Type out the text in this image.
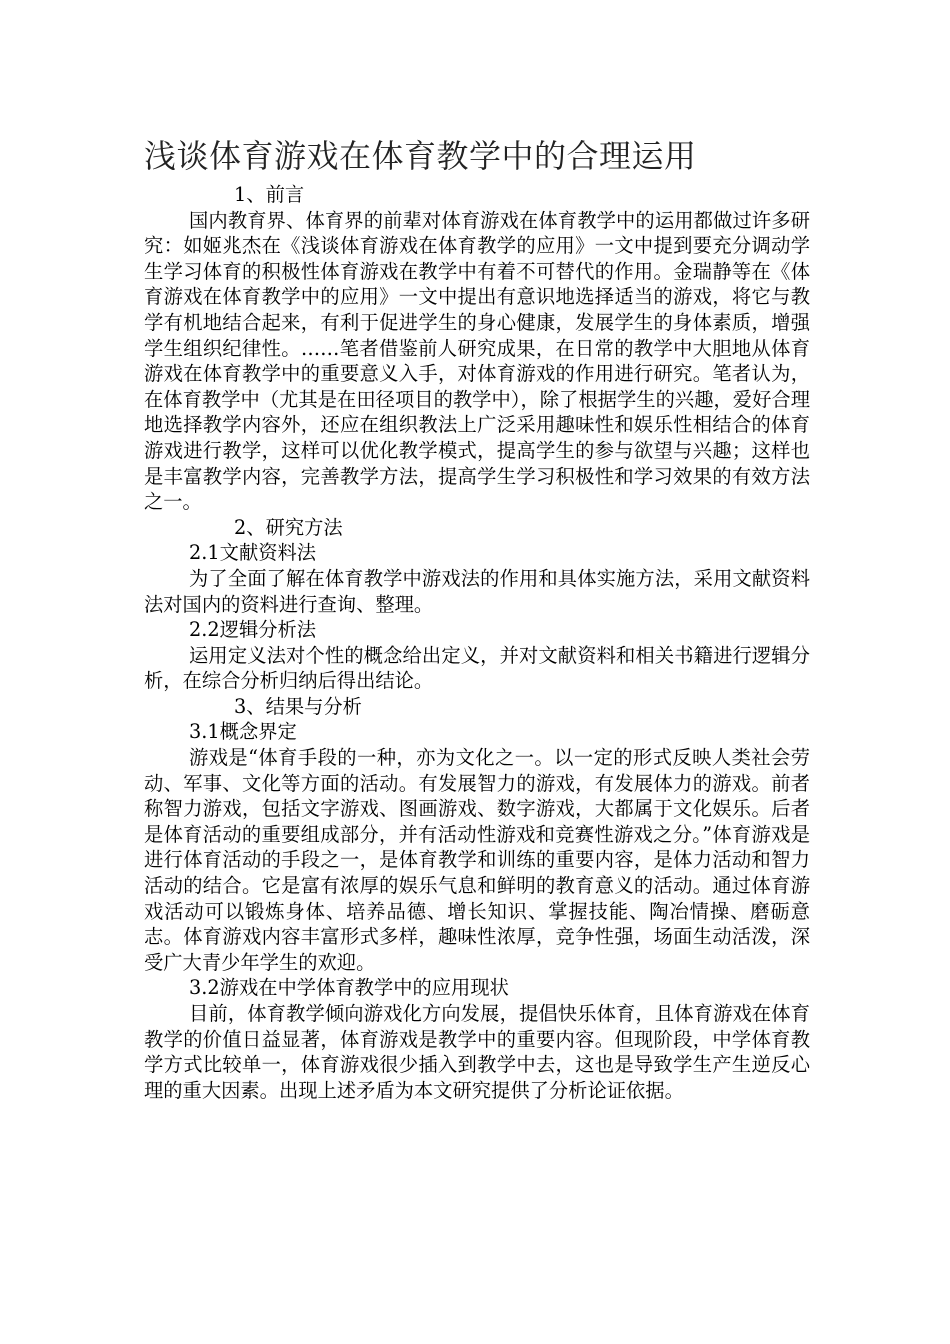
浅谈体育游戏在体育教学中的合理运用

1、前言

国内教育界、体育界的前辈对体育游戏在体育教学中的运用都做过许多研究：如姬兆杰在《浅谈体育游戏在体育教学的应用》一文中提到要充分调动学生学习体育的积极性体育游戏在教学中有着不可替代的作用。金瑞静等在《体育游戏在体育教学中的应用》一文中提出有意识地选择适当的游戏，将它与教学有机地结合起来，有利于促进学生的身心健康，发展学生的身体素质，增强学生组织纪律性。……笔者借鉴前人研究成果，在日常的教学中大胆地从体育游戏在体育教学中的重要意义入手，对体育游戏的作用进行研究。笔者认为，在体育教学中（尤其是在田径项目的教学中），除了根据学生的兴趣，爱好合理地选择教学内容外，还应在组织教法上广泛采用趣味性和娱乐性相结合的体育游戏进行教学，这样可以优化教学模式，提高学生的参与欲望与兴趣；这样也是丰富教学内容，完善教学方法，提高学生学习积极性和学习效果的有效方法之一。

2、研究方法

2.1文献资料法

为了全面了解在体育教学中游戏法的作用和具体实施方法，采用文献资料法对国内的资料进行查询、整理。

2.2逻辑分析法

运用定义法对个性的概念给出定义，并对文献资料和相关书籍进行逻辑分析，在综合分析归纳后得出结论。

3、结果与分析

3.1概念界定

游戏是“体育手段的一种，亦为文化之一。以一定的形式反映人类社会劳动、军事、文化等方面的活动。有发展智力的游戏，有发展体力的游戏。前者称智力游戏，包括文字游戏、图画游戏、数字游戏，大都属于文化娱乐。后者是体育活动的重要组成部分，并有活动性游戏和竞赛性游戏之分。”体育游戏是进行体育活动的手段之一，是体育教学和训练的重要内容，是体力活动和智力活动的结合。它是富有浓厚的娱乐气息和鲜明的教育意义的活动。通过体育游戏活动可以锻炼身体、培养品德、增长知识、掌握技能、陶冶情操、磨砺意志。体育游戏内容丰富形式多样，趣味性浓厚，竞争性强，场面生动活泼，深受广大青少年学生的欢迎。

3.2游戏在中学体育教学中的应用现状

目前，体育教学倾向游戏化方向发展，提倡快乐体育，且体育游戏在体育教学的价值日益显著，体育游戏是教学中的重要内容。但现阶段，中学体育教学方式比较单一，体育游戏很少插入到教学中去，这也是导致学生产生逆反心理的重大因素。出现上述矛盾为本文研究提供了分析论证依据。
